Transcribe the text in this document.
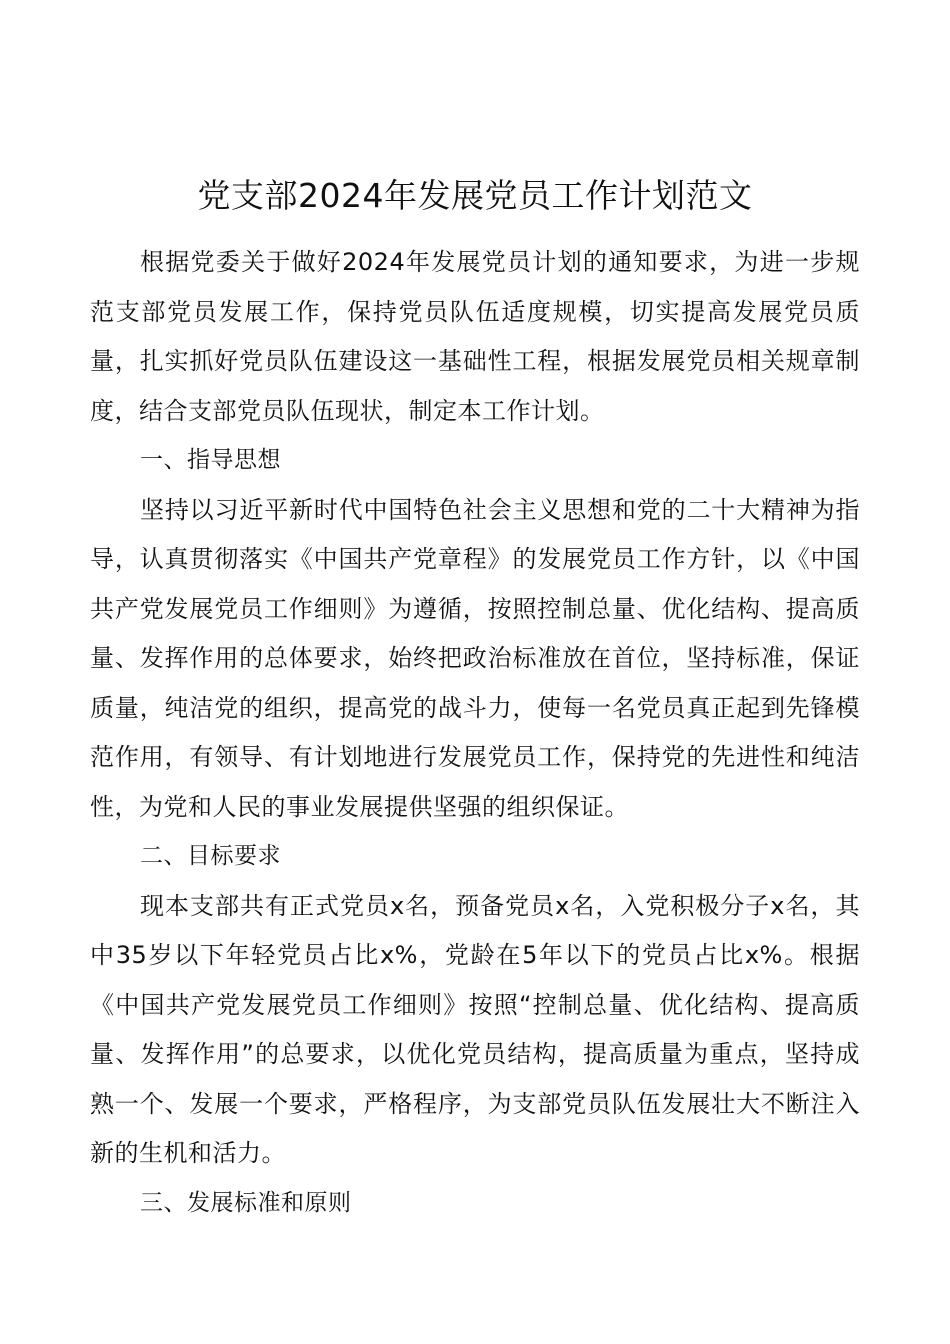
党支部2024年发展党员工作计划范文

根据党委关于做好2024年发展党员计划的通知要求，为进一步规范支部党员发展工作，保持党员队伍适度规模，切实提高发展党员质量，扎实抓好党员队伍建设这一基础性工程，根据发展党员相关规章制度，结合支部党员队伍现状，制定本工作计划。

一、指导思想

坚持以习近平新时代中国特色社会主义思想和党的二十大精神为指导，认真贯彻落实《中国共产党章程》的发展党员工作方针，以《中国共产党发展党员工作细则》为遵循，按照控制总量、优化结构、提高质量、发挥作用的总体要求，始终把政治标准放在首位，坚持标准，保证质量，纯洁党的组织，提高党的战斗力，使每一名党员真正起到先锋模范作用，有领导、有计划地进行发展党员工作，保持党的先进性和纯洁性，为党和人民的事业发展提供坚强的组织保证。

二、目标要求

现本支部共有正式党员x名，预备党员x名，入党积极分子x名，其中35岁以下年轻党员占比x%，党龄在5年以下的党员占比x%。根据《中国共产党发展党员工作细则》按照“控制总量、优化结构、提高质量、发挥作用”的总要求，以优化党员结构，提高质量为重点，坚持成熟一个、发展一个要求，严格程序，为支部党员队伍发展壮大不断注入新的生机和活力。

三、发展标准和原则
